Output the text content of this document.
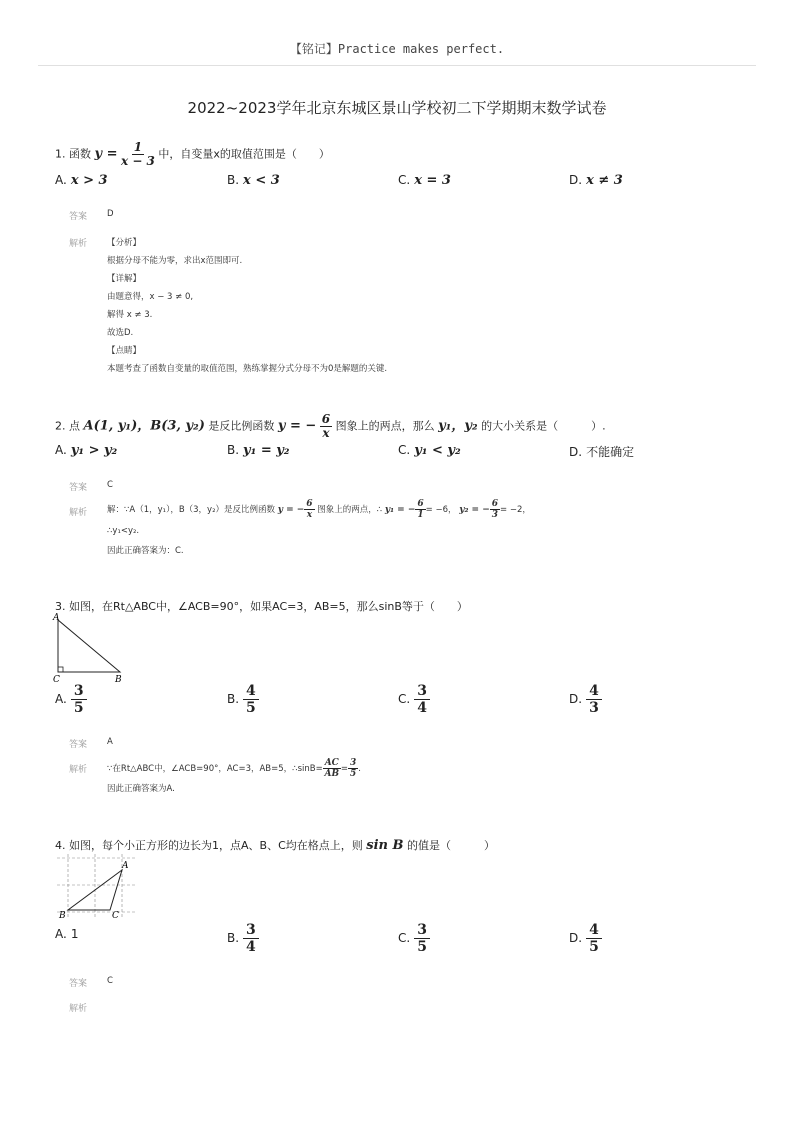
【铭记】Practice makes perfect.
2022~2023学年北京东城区景山学校初二下学期期末数学试卷
1. 函数 $y = \frac{1}{x - 3}$ 中，自变量x的取值范围是（　　）
A. x > 3	B. x < 3	C. x = 3	D. x ≠ 3
答案 D
解析 【分析】
根据分母不能为零，求出x范围即可.
【详解】
由题意得，x − 3 ≠ 0,
解得 x ≠ 3.
故选D.
【点睛】
本题考查了函数自变量的取值范围，熟练掌握分式分母不为0是解题的关键.
2. 点 A(1, y₁)，B(3, y₂) 是反比例函数 y = − $\frac{6}{x}$ 图象上的两点，那么 y₁，y₂ 的大小关系是（　　　）.
A. y₁ > y₂	B. y₁ = y₂	C. y₁ < y₂	D. 不能确定
答案 C
解析 解：∵A（1，y₁），B（3，y₂）是反比例函数 y = − $\frac{6}{x}$ 图象上的两点，∴ y₁ = − $\frac{6}{1} = -6$， y₂ = − $\frac{6}{3} = -2$，
∴y₁<y₂.
因此正确答案为：C.
3. 如图，在Rt△ABC中，∠ACB=90°，如果AC=3，AB=5，那么sinB等于（　　）
A
C	B
A. $\frac{3}{5}$	B. $\frac{4}{5}$	C. $\frac{3}{4}$	D. $\frac{4}{3}$
答案 A
解析 ∵在Rt△ABC中，∠ACB=90°，AC=3，AB=5，∴sinB= $\frac{AC}{AB} = \frac{3}{5}$ .
因此正确答案为A.
4. 如图，每个小正方形的边长为1，点A、B、C均在格点上，则 sin B 的值是（　　　）
A
B	C
A. 1	B. $\frac{3}{4}$	C. $\frac{3}{5}$	D. $\frac{4}{5}$
答案 C
解析
